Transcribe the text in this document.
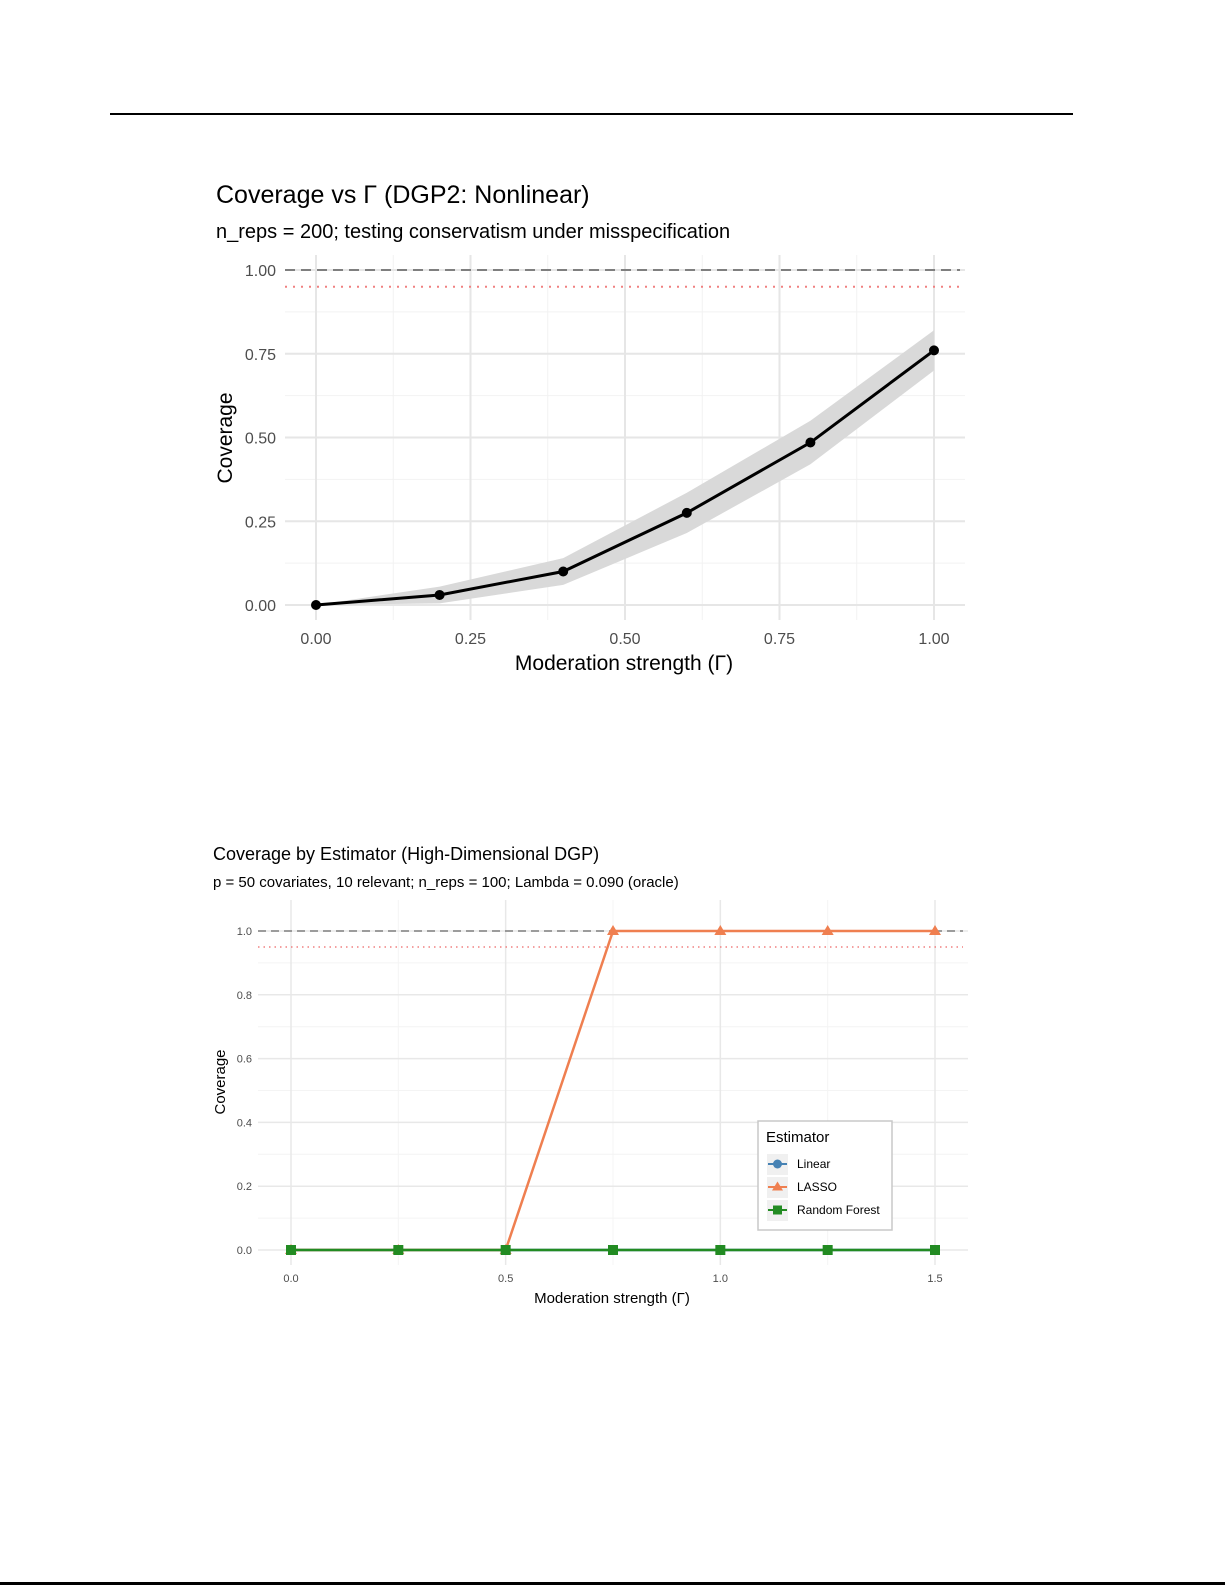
0.00
0.00
0.25
0.25
0.50
0.50
0.75
0.75
1.00
1.00
Coverage vs Γ (DGP2: Nonlinear)
n_reps = 200; testing conservatism under misspecification
Moderation strength (Γ)
Coverage
0.0
0.2
0.4
0.6
0.8
1.0
0.0	0.5	1.0	1.5
Estimator
Linear
LASSO
Random Forest
Coverage by Estimator (High-Dimensional DGP)
p = 50 covariates, 10 relevant; n_reps = 100; Lambda = 0.090 (oracle)
Moderation strength (Γ)
Coverage
